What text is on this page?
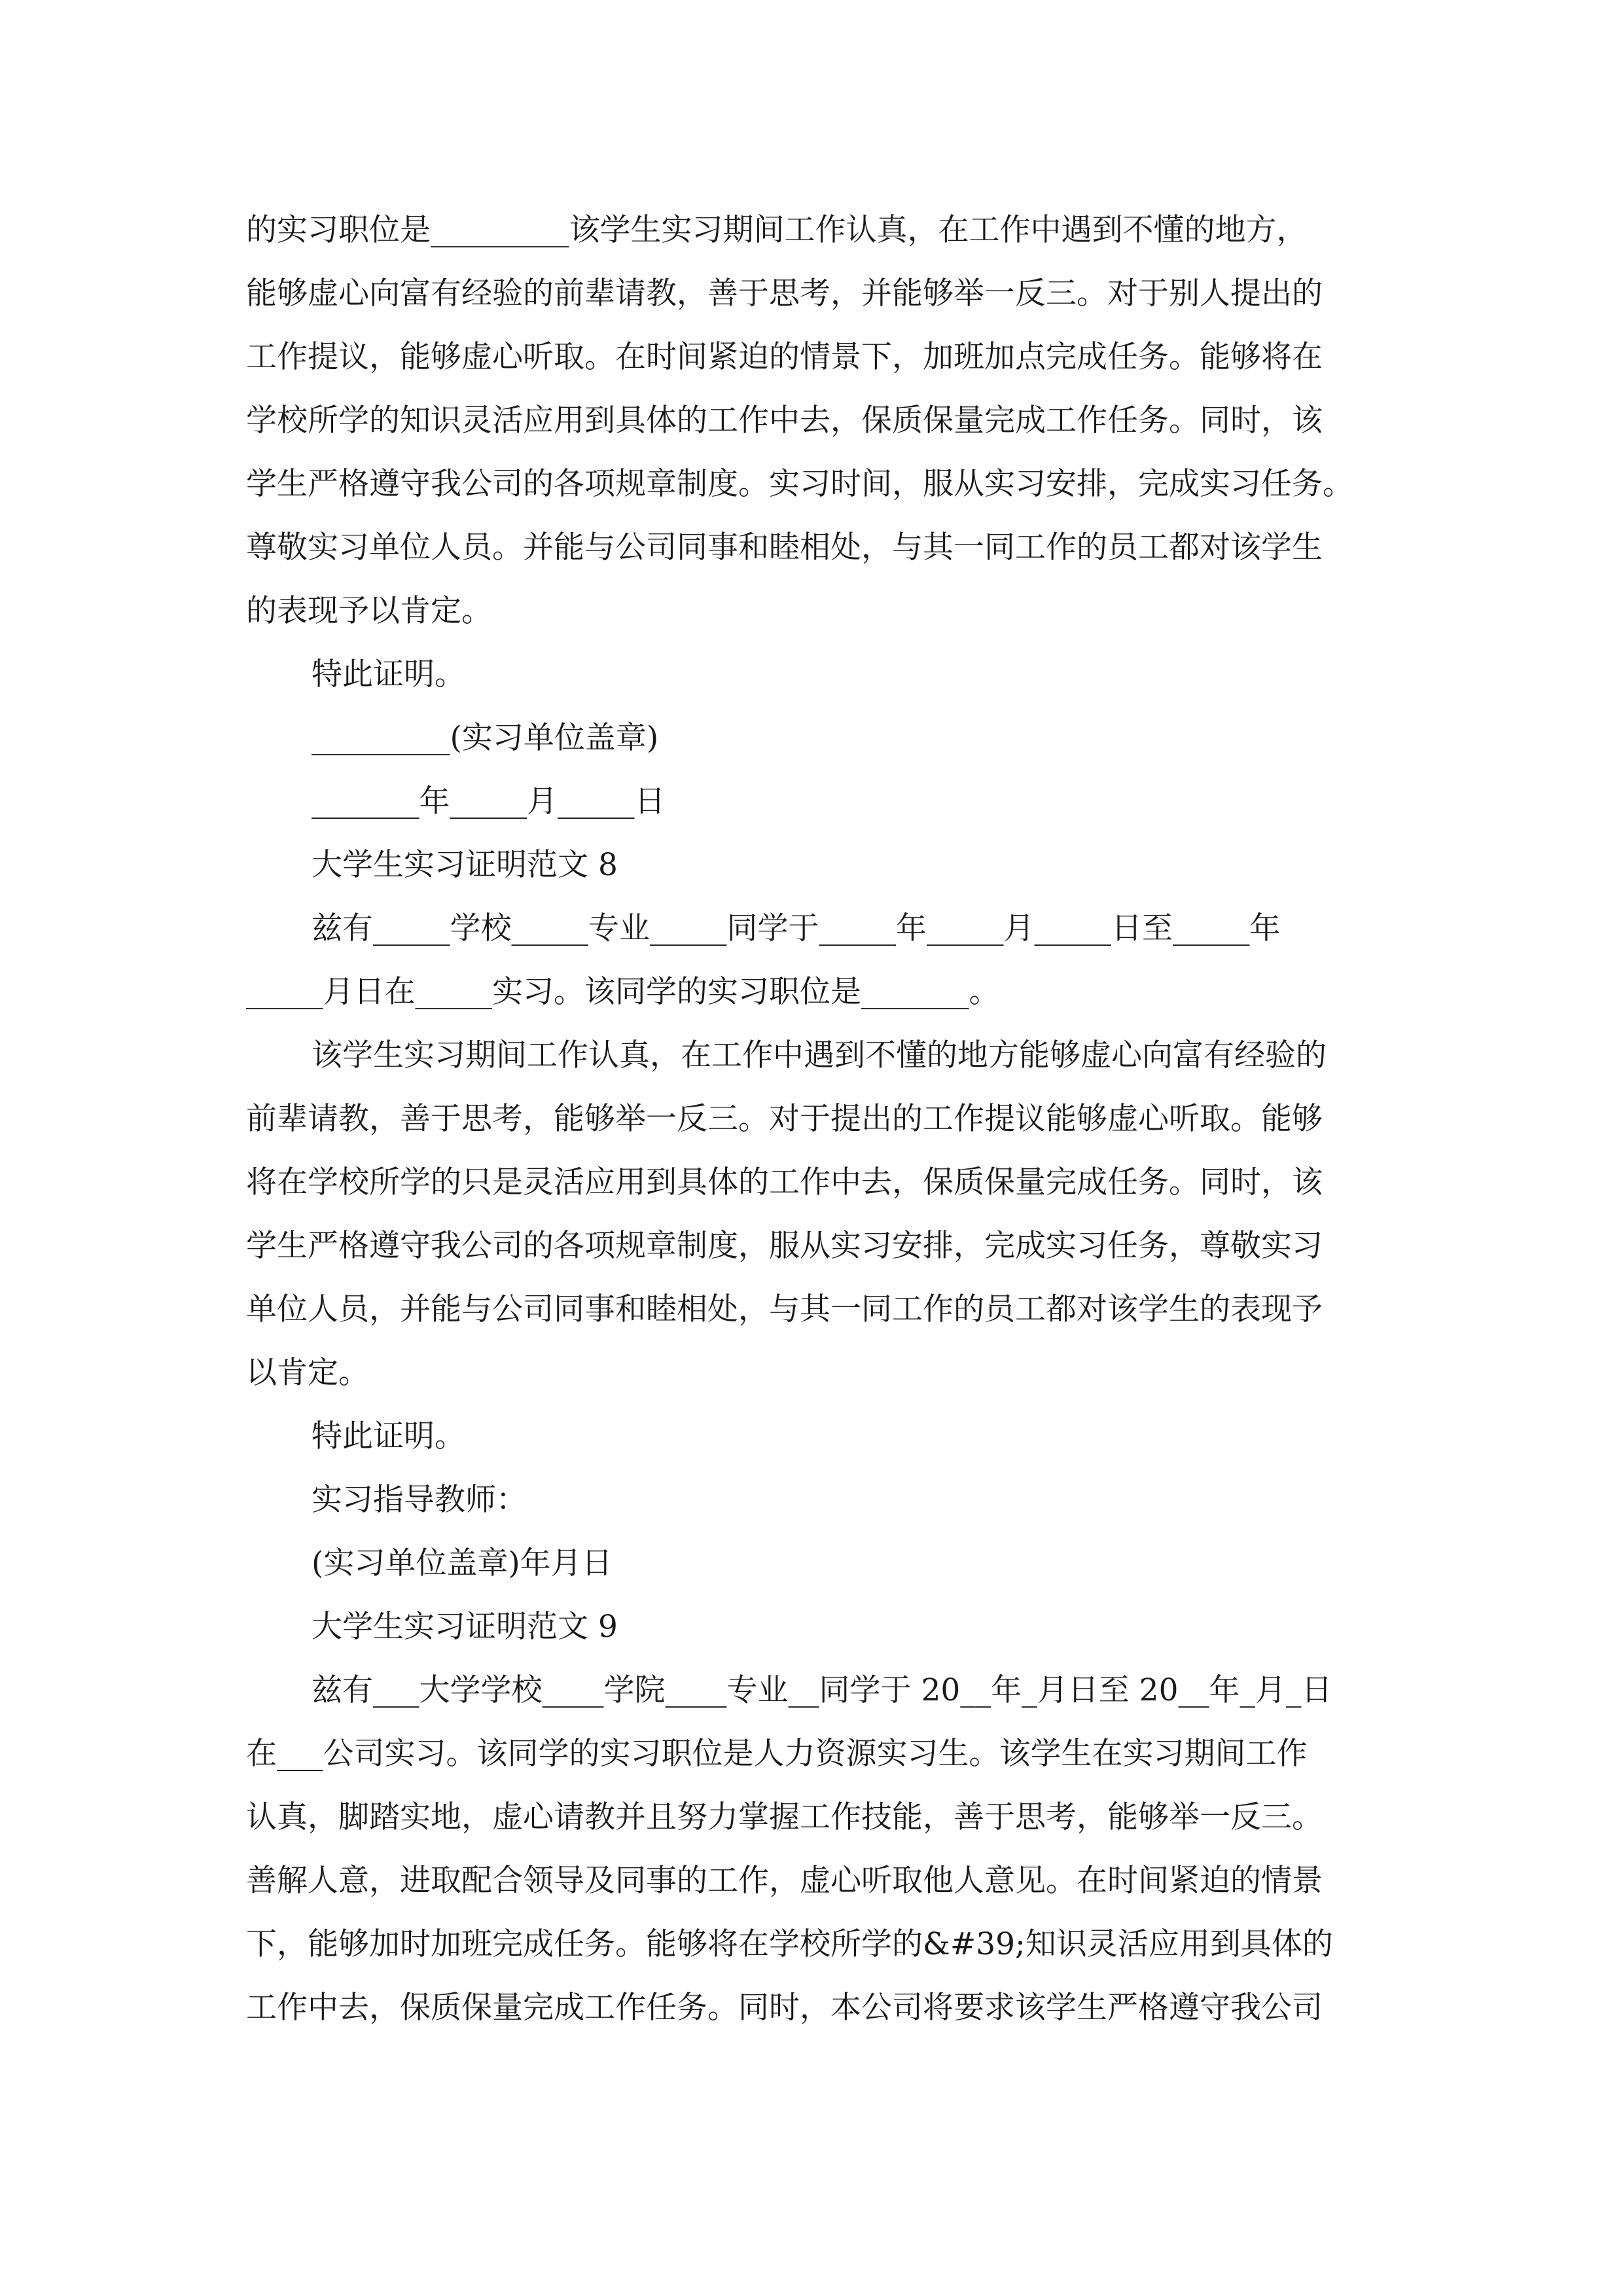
的实习职位是_________该学生实习期间工作认真，在工作中遇到不懂的地方，

能够虚心向富有经验的前辈请教，善于思考，并能够举一反三。对于别人提出的

工作提议，能够虚心听取。在时间紧迫的情景下，加班加点完成任务。能够将在

学校所学的知识灵活应用到具体的工作中去，保质保量完成工作任务。同时，该

学生严格遵守我公司的各项规章制度。实习时间，服从实习安排，完成实习任务。

尊敬实习单位人员。并能与公司同事和睦相处，与其一同工作的员工都对该学生

的表现予以肯定。

特此证明。

_________(实习单位盖章)

_______年_____月_____日

大学生实习证明范文 8

兹有_____学校_____专业_____同学于_____年_____月_____日至_____年

_____月日在_____实习。该同学的实习职位是_______。

该学生实习期间工作认真，在工作中遇到不懂的地方能够虚心向富有经验的

前辈请教，善于思考，能够举一反三。对于提出的工作提议能够虚心听取。能够

将在学校所学的只是灵活应用到具体的工作中去，保质保量完成任务。同时，该

学生严格遵守我公司的各项规章制度，服从实习安排，完成实习任务，尊敬实习

单位人员，并能与公司同事和睦相处，与其一同工作的员工都对该学生的表现予

以肯定。

特此证明。

实习指导教师：

(实习单位盖章)年月日

大学生实习证明范文 9

兹有___大学学校____学院____专业__同学于 20__年_月日至 20__年_月_日

在___公司实习。该同学的实习职位是人力资源实习生。该学生在实习期间工作

认真，脚踏实地，虚心请教并且努力掌握工作技能，善于思考，能够举一反三。

善解人意，进取配合领导及同事的工作，虚心听取他人意见。在时间紧迫的情景

下，能够加时加班完成任务。能够将在学校所学的&#39;知识灵活应用到具体的

工作中去，保质保量完成工作任务。同时，本公司将要求该学生严格遵守我公司
